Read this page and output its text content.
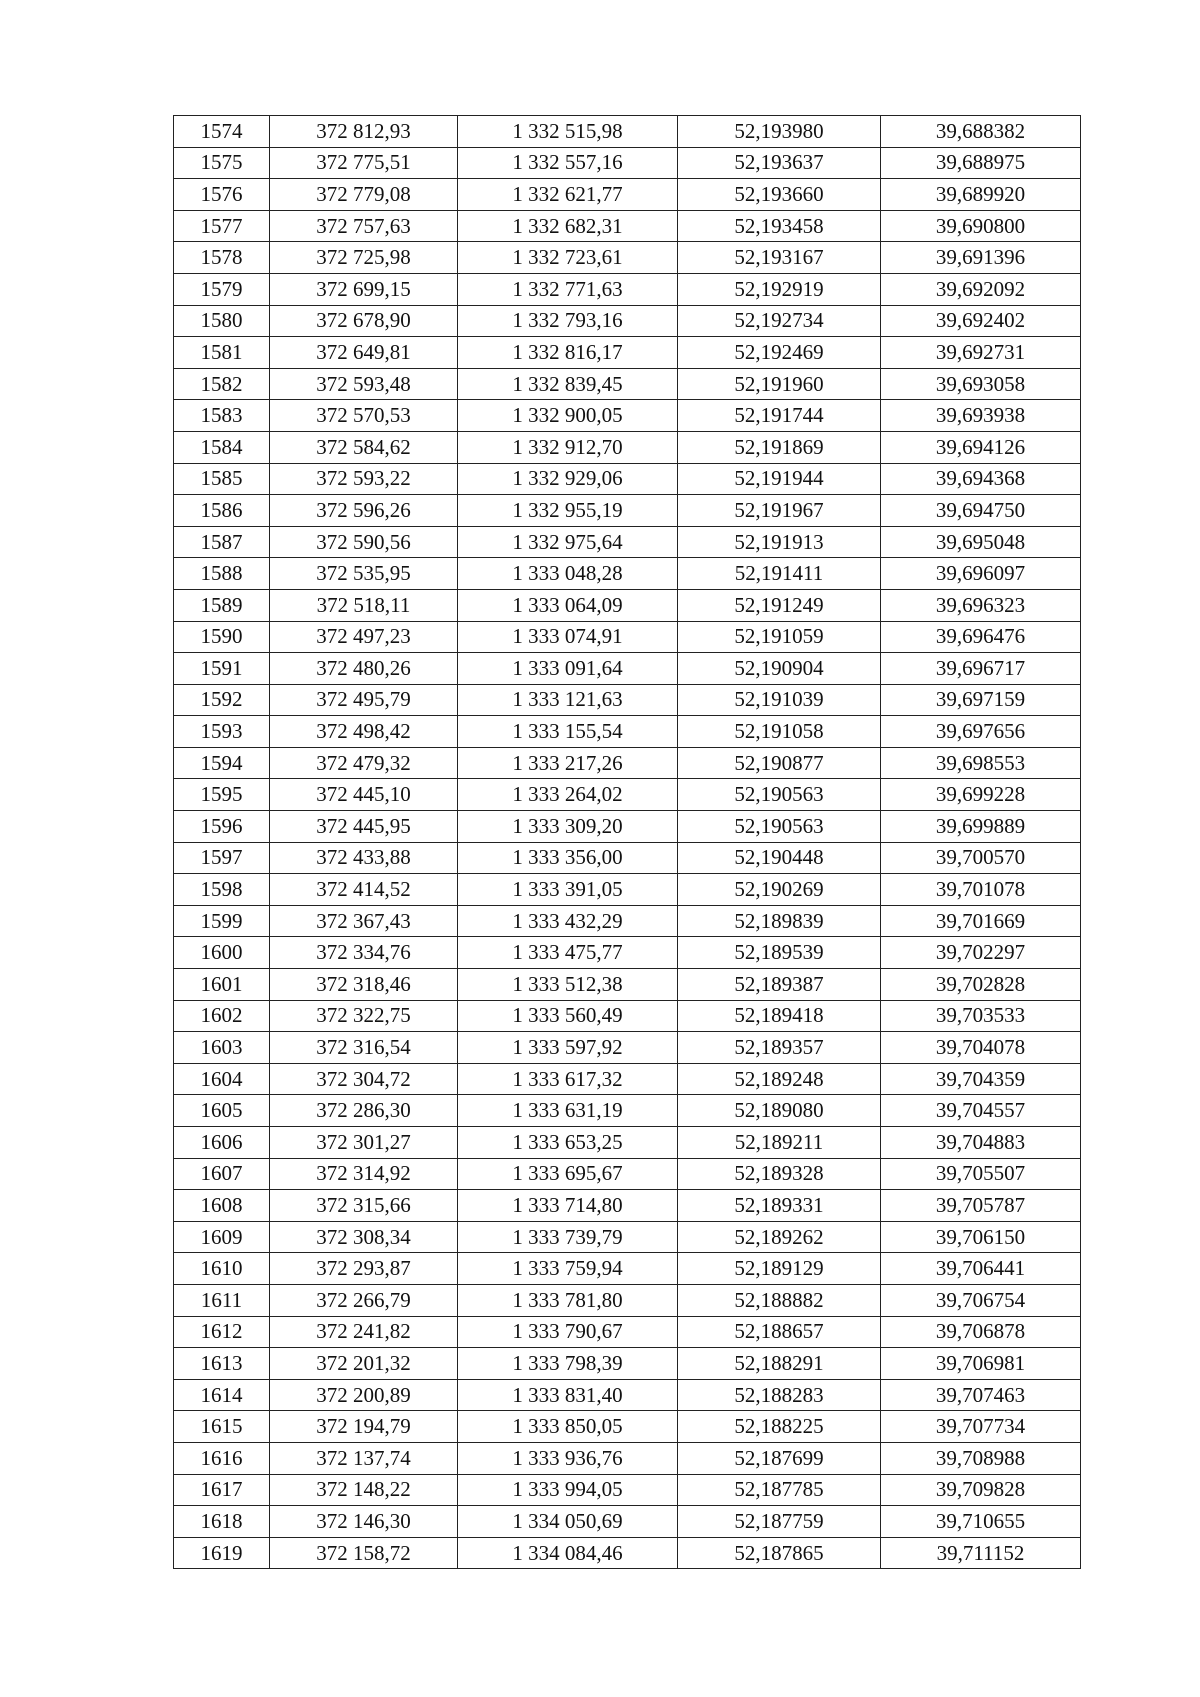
1574	372 812,93	1 332 515,98	52,193980	39,688382
1575	372 775,51	1 332 557,16	52,193637	39,688975
1576	372 779,08	1 332 621,77	52,193660	39,689920
1577	372 757,63	1 332 682,31	52,193458	39,690800
1578	372 725,98	1 332 723,61	52,193167	39,691396
1579	372 699,15	1 332 771,63	52,192919	39,692092
1580	372 678,90	1 332 793,16	52,192734	39,692402
1581	372 649,81	1 332 816,17	52,192469	39,692731
1582	372 593,48	1 332 839,45	52,191960	39,693058
1583	372 570,53	1 332 900,05	52,191744	39,693938
1584	372 584,62	1 332 912,70	52,191869	39,694126
1585	372 593,22	1 332 929,06	52,191944	39,694368
1586	372 596,26	1 332 955,19	52,191967	39,694750
1587	372 590,56	1 332 975,64	52,191913	39,695048
1588	372 535,95	1 333 048,28	52,191411	39,696097
1589	372 518,11	1 333 064,09	52,191249	39,696323
1590	372 497,23	1 333 074,91	52,191059	39,696476
1591	372 480,26	1 333 091,64	52,190904	39,696717
1592	372 495,79	1 333 121,63	52,191039	39,697159
1593	372 498,42	1 333 155,54	52,191058	39,697656
1594	372 479,32	1 333 217,26	52,190877	39,698553
1595	372 445,10	1 333 264,02	52,190563	39,699228
1596	372 445,95	1 333 309,20	52,190563	39,699889
1597	372 433,88	1 333 356,00	52,190448	39,700570
1598	372 414,52	1 333 391,05	52,190269	39,701078
1599	372 367,43	1 333 432,29	52,189839	39,701669
1600	372 334,76	1 333 475,77	52,189539	39,702297
1601	372 318,46	1 333 512,38	52,189387	39,702828
1602	372 322,75	1 333 560,49	52,189418	39,703533
1603	372 316,54	1 333 597,92	52,189357	39,704078
1604	372 304,72	1 333 617,32	52,189248	39,704359
1605	372 286,30	1 333 631,19	52,189080	39,704557
1606	372 301,27	1 333 653,25	52,189211	39,704883
1607	372 314,92	1 333 695,67	52,189328	39,705507
1608	372 315,66	1 333 714,80	52,189331	39,705787
1609	372 308,34	1 333 739,79	52,189262	39,706150
1610	372 293,87	1 333 759,94	52,189129	39,706441
1611	372 266,79	1 333 781,80	52,188882	39,706754
1612	372 241,82	1 333 790,67	52,188657	39,706878
1613	372 201,32	1 333 798,39	52,188291	39,706981
1614	372 200,89	1 333 831,40	52,188283	39,707463
1615	372 194,79	1 333 850,05	52,188225	39,707734
1616	372 137,74	1 333 936,76	52,187699	39,708988
1617	372 148,22	1 333 994,05	52,187785	39,709828
1618	372 146,30	1 334 050,69	52,187759	39,710655
1619	372 158,72	1 334 084,46	52,187865	39,711152
